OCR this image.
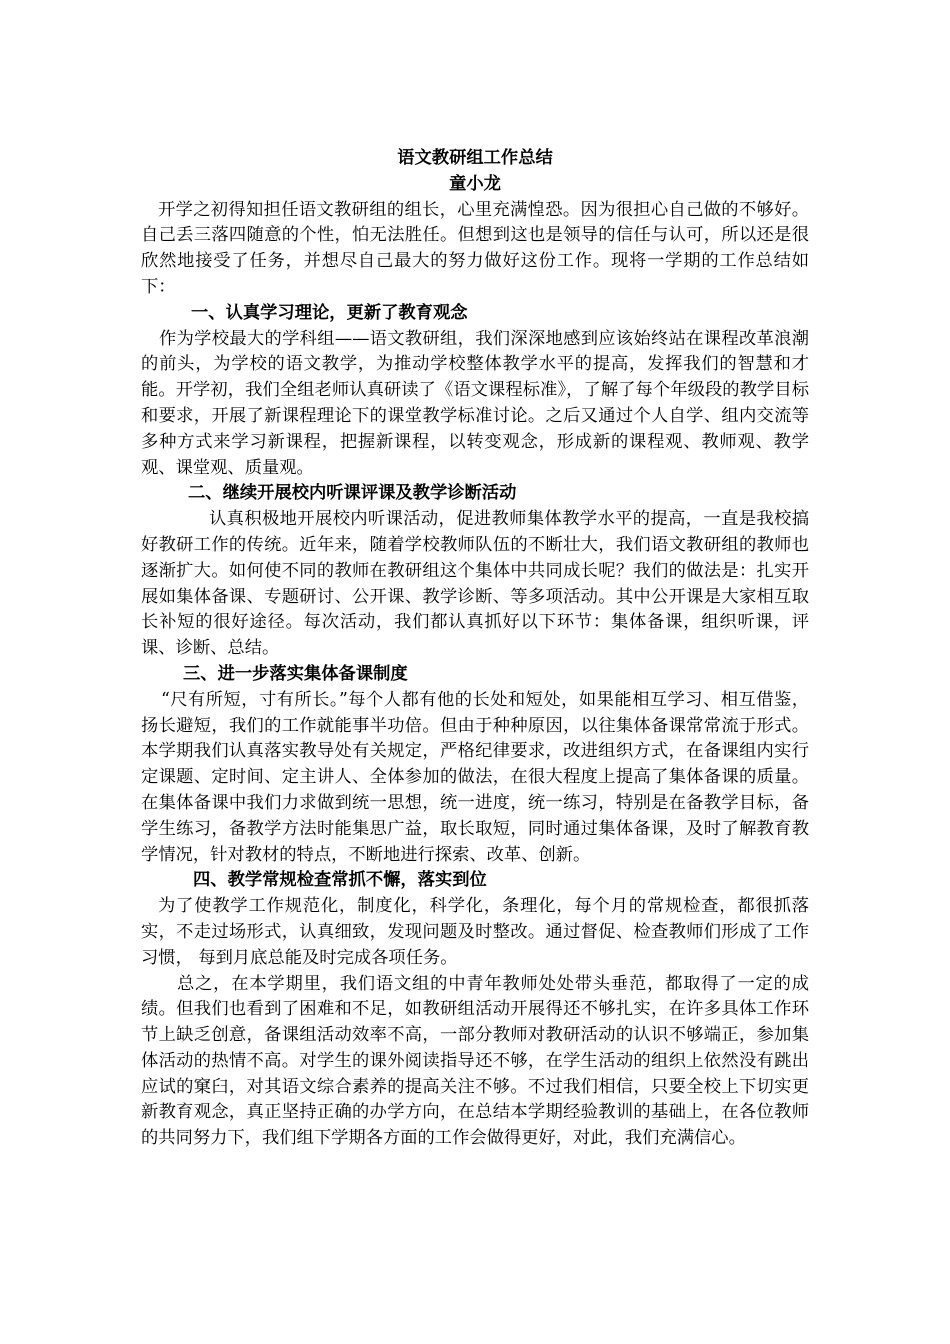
语文教研组工作总结
童小龙

开学之初得知担任语文教研组的组长，心里充满惶恐。因为很担心自己做的不够好。自己丢三落四随意的个性，怕无法胜任。但想到这也是领导的信任与认可，所以还是很欣然地接受了任务，并想尽自己最大的努力做好这份工作。现将一学期的工作总结如下：

一、认真学习理论，更新了教育观念

作为学校最大的学科组——语文教研组，我们深深地感到应该始终站在课程改革浪潮的前头，为学校的语文教学，为推动学校整体教学水平的提高，发挥我们的智慧和才能。开学初，我们全组老师认真研读了《语文课程标准》，了解了每个年级段的教学目标和要求，开展了新课程理论下的课堂教学标准讨论。之后又通过个人自学、组内交流等多种方式来学习新课程，把握新课程，以转变观念，形成新的课程观、教师观、教学观、课堂观、质量观。

二、继续开展校内听课评课及教学诊断活动

认真积极地开展校内听课活动，促进教师集体教学水平的提高，一直是我校搞好教研工作的传统。近年来，随着学校教师队伍的不断壮大，我们语文教研组的教师也逐渐扩大。如何使不同的教师在教研组这个集体中共同成长呢？我们的做法是：扎实开展如集体备课、专题研讨、公开课、教学诊断、等多项活动。其中公开课是大家相互取长补短的很好途径。每次活动，我们都认真抓好以下环节：集体备课，组织听课，评课、诊断、总结。

三、进一步落实集体备课制度

“尺有所短，寸有所长。”每个人都有他的长处和短处，如果能相互学习、相互借鉴，扬长避短，我们的工作就能事半功倍。但由于种种原因，以往集体备课常常流于形式。本学期我们认真落实教导处有关规定，严格纪律要求，改进组织方式，在备课组内实行定课题、定时间、定主讲人、全体参加的做法，在很大程度上提高了集体备课的质量。在集体备课中我们力求做到统一思想，统一进度，统一练习，特别是在备教学目标，备学生练习，备教学方法时能集思广益，取长取短，同时通过集体备课，及时了解教育教学情况，针对教材的特点，不断地进行探索、改革、创新。

四、教学常规检查常抓不懈，落实到位

为了使教学工作规范化，制度化，科学化，条理化，每个月的常规检查，都很抓落实，不走过场形式，认真细致，发现问题及时整改。通过督促、检查教师们形成了工作习惯， 每到月底总能及时完成各项任务。

总之，在本学期里，我们语文组的中青年教师处处带头垂范，都取得了一定的成绩。但我们也看到了困难和不足，如教研组活动开展得还不够扎实，在许多具体工作环节上缺乏创意，备课组活动效率不高，一部分教师对教研活动的认识不够端正，参加集体活动的热情不高。对学生的课外阅读指导还不够，在学生活动的组织上依然没有跳出应试的窠臼，对其语文综合素养的提高关注不够。不过我们相信，只要全校上下切实更新教育观念，真正坚持正确的办学方向，在总结本学期经验教训的基础上，在各位教师的共同努力下，我们组下学期各方面的工作会做得更好，对此，我们充满信心。
